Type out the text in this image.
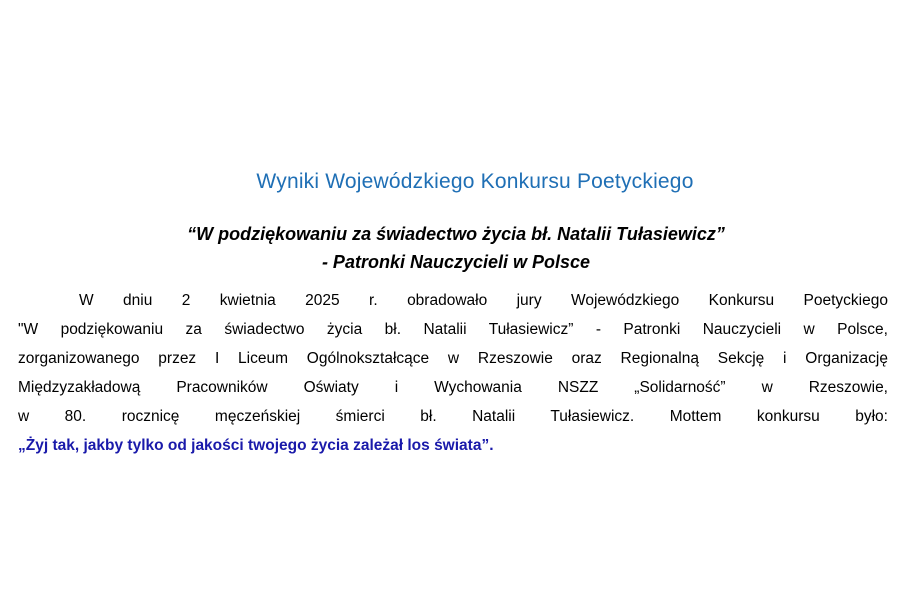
Wyniki Wojewódzkiego Konkursu Poetyckiego
“W podziękowaniu za świadectwo życia bł. Natalii Tułasiewicz”
- Patronki Nauczycieli w Polsce
W dniu 2 kwietnia 2025 r. obradowało jury Wojewódzkiego Konkursu Poetyckiego
"W podziękowaniu za świadectwo życia bł. Natalii Tułasiewicz” - Patronki Nauczycieli w Polsce,
zorganizowanego przez I Liceum Ogólnokształcące w Rzeszowie oraz Regionalną Sekcję i Organizację
Międzyzakładową Pracowników Oświaty i Wychowania NSZZ „Solidarność” w Rzeszowie,
w 80. rocznicę męczeńskiej śmierci bł. Natalii Tułasiewicz. Mottem konkursu było:
„Żyj tak, jakby tylko od jakości twojego życia zależał los świata”.
